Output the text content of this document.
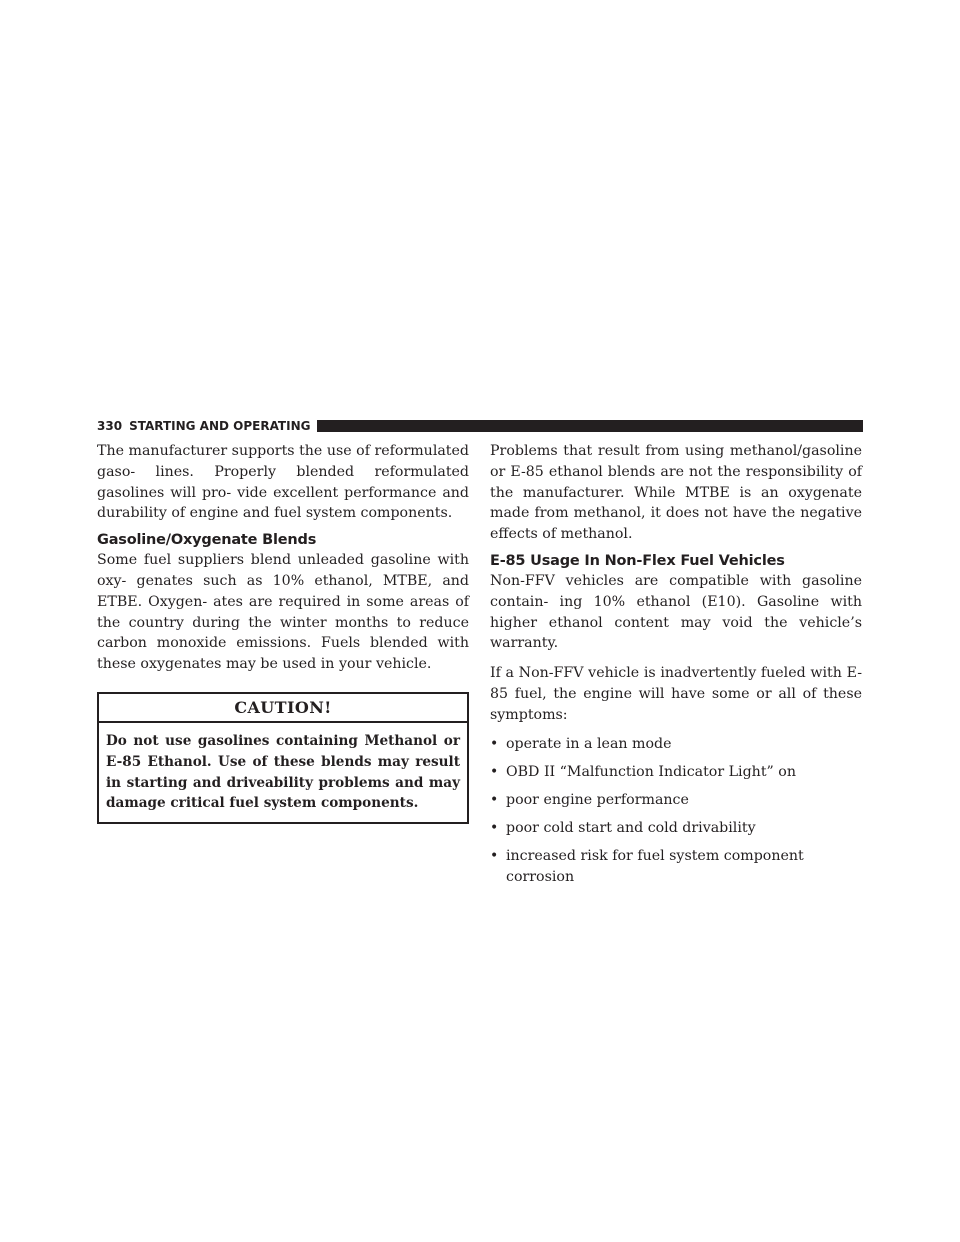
330 STARTING AND OPERATING

The manufacturer supports the use of reformulated gaso- lines. Properly blended reformulated gasolines will pro- vide excellent performance and durability of engine and fuel system components.

Gasoline/Oxygenate Blends

Some fuel suppliers blend unleaded gasoline with oxy- genates such as 10% ethanol, MTBE, and ETBE. Oxygen- ates are required in some areas of the country during the winter months to reduce carbon monoxide emissions. Fuels blended with these oxygenates may be used in your vehicle.

CAUTION!
Do not use gasolines containing Methanol or E-85 Ethanol. Use of these blends may result in starting and driveability problems and may damage critical fuel system components.

Problems that result from using methanol/gasoline or E-85 ethanol blends are not the responsibility of the manufacturer. While MTBE is an oxygenate made from methanol, it does not have the negative effects of methanol.

E-85 Usage In Non-Flex Fuel Vehicles

Non-FFV vehicles are compatible with gasoline contain- ing 10% ethanol (E10). Gasoline with higher ethanol content may void the vehicle’s warranty.

If a Non-FFV vehicle is inadvertently fueled with E-85 fuel, the engine will have some or all of these symptoms:

• operate in a lean mode
• OBD II “Malfunction Indicator Light” on
• poor engine performance
• poor cold start and cold drivability
• increased risk for fuel system component corrosion
